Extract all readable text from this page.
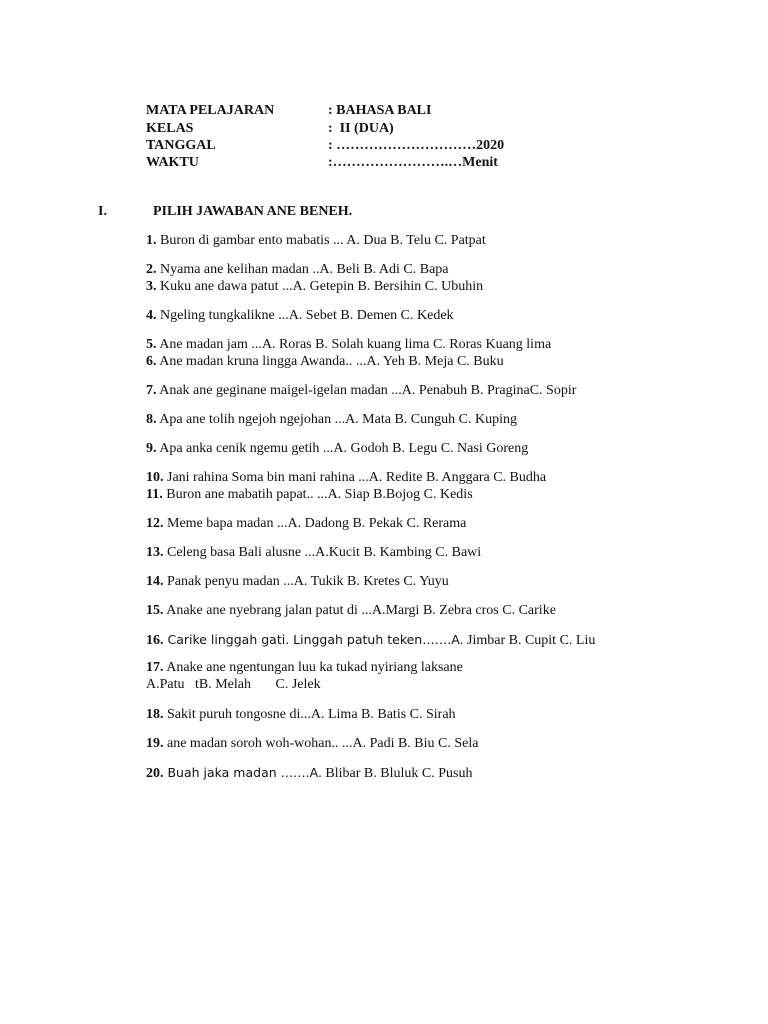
MATA PELAJARAN	: BAHASA BALI
KELAS	:  II (DUA)
TANGGAL	: …………………………2020
WAKTU	:…………………….…Menit
I.	PILIH JAWABAN ANE BENEH.
1. Buron di gambar ento mabatis ... A. Dua B. Telu C. Patpat
2. Nyama ane kelihan madan ..A. Beli B. Adi C. Bapa
3. Kuku ane dawa patut ...A. Getepin B. Bersihin C. Ubuhin
4. Ngeling tungkalikne ...A. Sebet B. Demen C. Kedek
5. Ane madan jam ...A. Roras B. Solah kuang lima C. Roras Kuang lima
6. Ane madan kruna lingga Awanda.. ...A. Yeh B. Meja C. Buku
7. Anak ane geginane maigel-igelan madan ...A. Penabuh B. PraginaC. Sopir
8. Apa ane tolih ngejoh ngejohan ...A. Mata B. Cunguh C. Kuping
9. Apa anka cenik ngemu getih ...A. Godoh B. Legu C. Nasi Goreng
10. Jani rahina Soma bin mani rahina ...A. Redite B. Anggara C. Budha
11. Buron ane mabatih papat.. ...A. Siap B.Bojog C. Kedis
12. Meme bapa madan ...A. Dadong B. Pekak C. Rerama
13. Celeng basa Bali alusne ...A.Kucit B. Kambing C. Bawi
14. Panak penyu madan ...A. Tukik B. Kretes C. Yuyu
15. Anake ane nyebrang jalan patut di ...A.Margi B. Zebra cros C. Carike
16. Carike linggah gati. Linggah patuh teken…….A. Jimbar B. Cupit C. Liu
17. Anake ane ngentungan luu ka tukad nyiriang laksane
A.Patu   tB. Melah       C. Jelek
18. Sakit puruh tongosne di...A. Lima B. Batis C. Sirah
19. ane madan soroh woh-wohan.. ...A. Padi B. Biu C. Sela
20. Buah jaka madan …….A. Blibar B. Bluluk C. Pusuh
